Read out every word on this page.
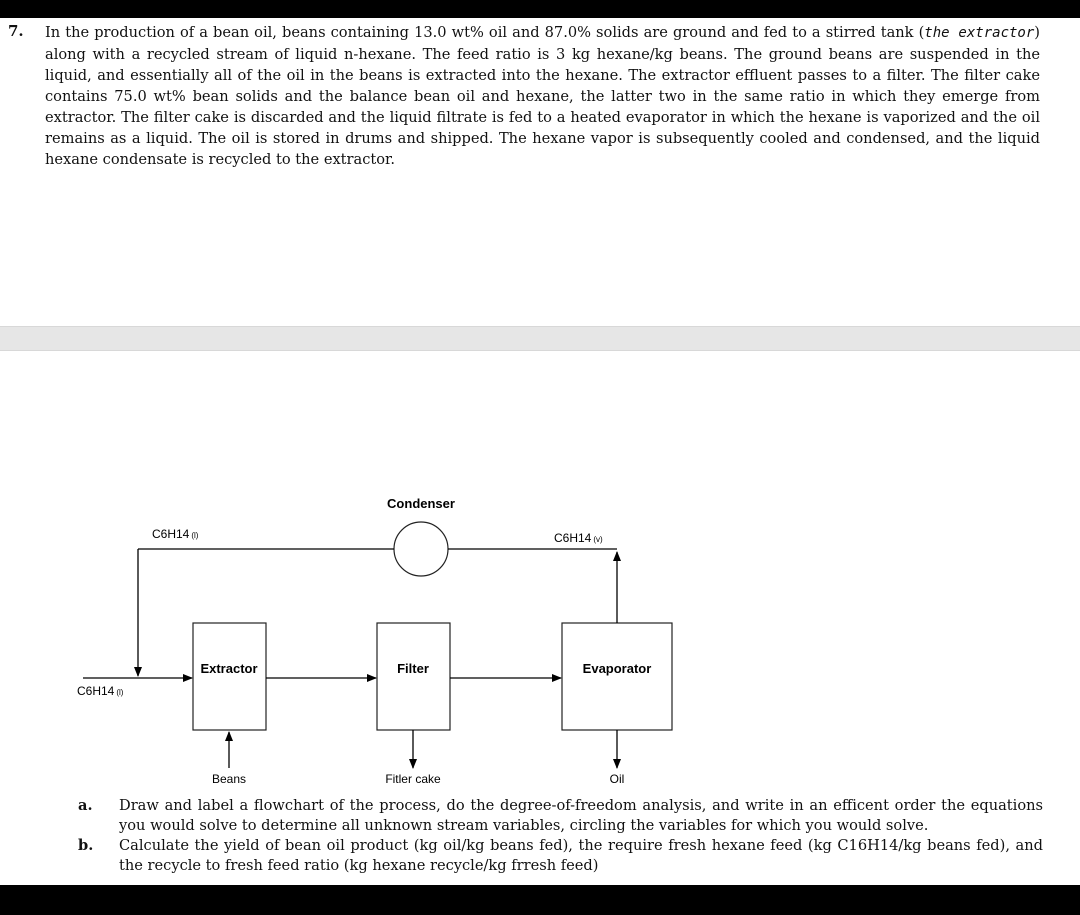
7. In the production of a bean oil, beans containing 13.0 wt% oil and 87.0% solids are ground and fed to a stirred tank (the extractor) along with a recycled stream of liquid n-hexane. The feed ratio is 3 kg hexane/kg beans. The ground beans are suspended in the liquid, and essentially all of the oil in the beans is extracted into the hexane. The extractor effluent passes to a filter. The filter cake contains 75.0 wt% bean solids and the balance bean oil and hexane, the latter two in the same ratio in which they emerge from extractor. The filter cake is discarded and the liquid filtrate is fed to a heated evaporator in which the hexane is vaporized and the oil remains as a liquid. The oil is stored in drums and shipped. The hexane vapor is subsequently cooled and condensed, and the liquid hexane condensate is recycled to the extractor.

Condenser
Extractor	Filter	Evaporator
C6H14 (l)	C6H14 (v)
C6H14 (l)
Beans	Fitler cake	Oil
a. Draw and label a flowchart of the process, do the degree-of-freedom analysis, and write in an efficent order the equations you would solve to determine all unknown stream variables, circling the variables for which you would solve.
b. Calculate the yield of bean oil product (kg oil/kg beans fed), the require fresh hexane feed (kg C16H14/kg beans fed), and the recycle to fresh feed ratio (kg hexane recycle/kg frresh feed)
